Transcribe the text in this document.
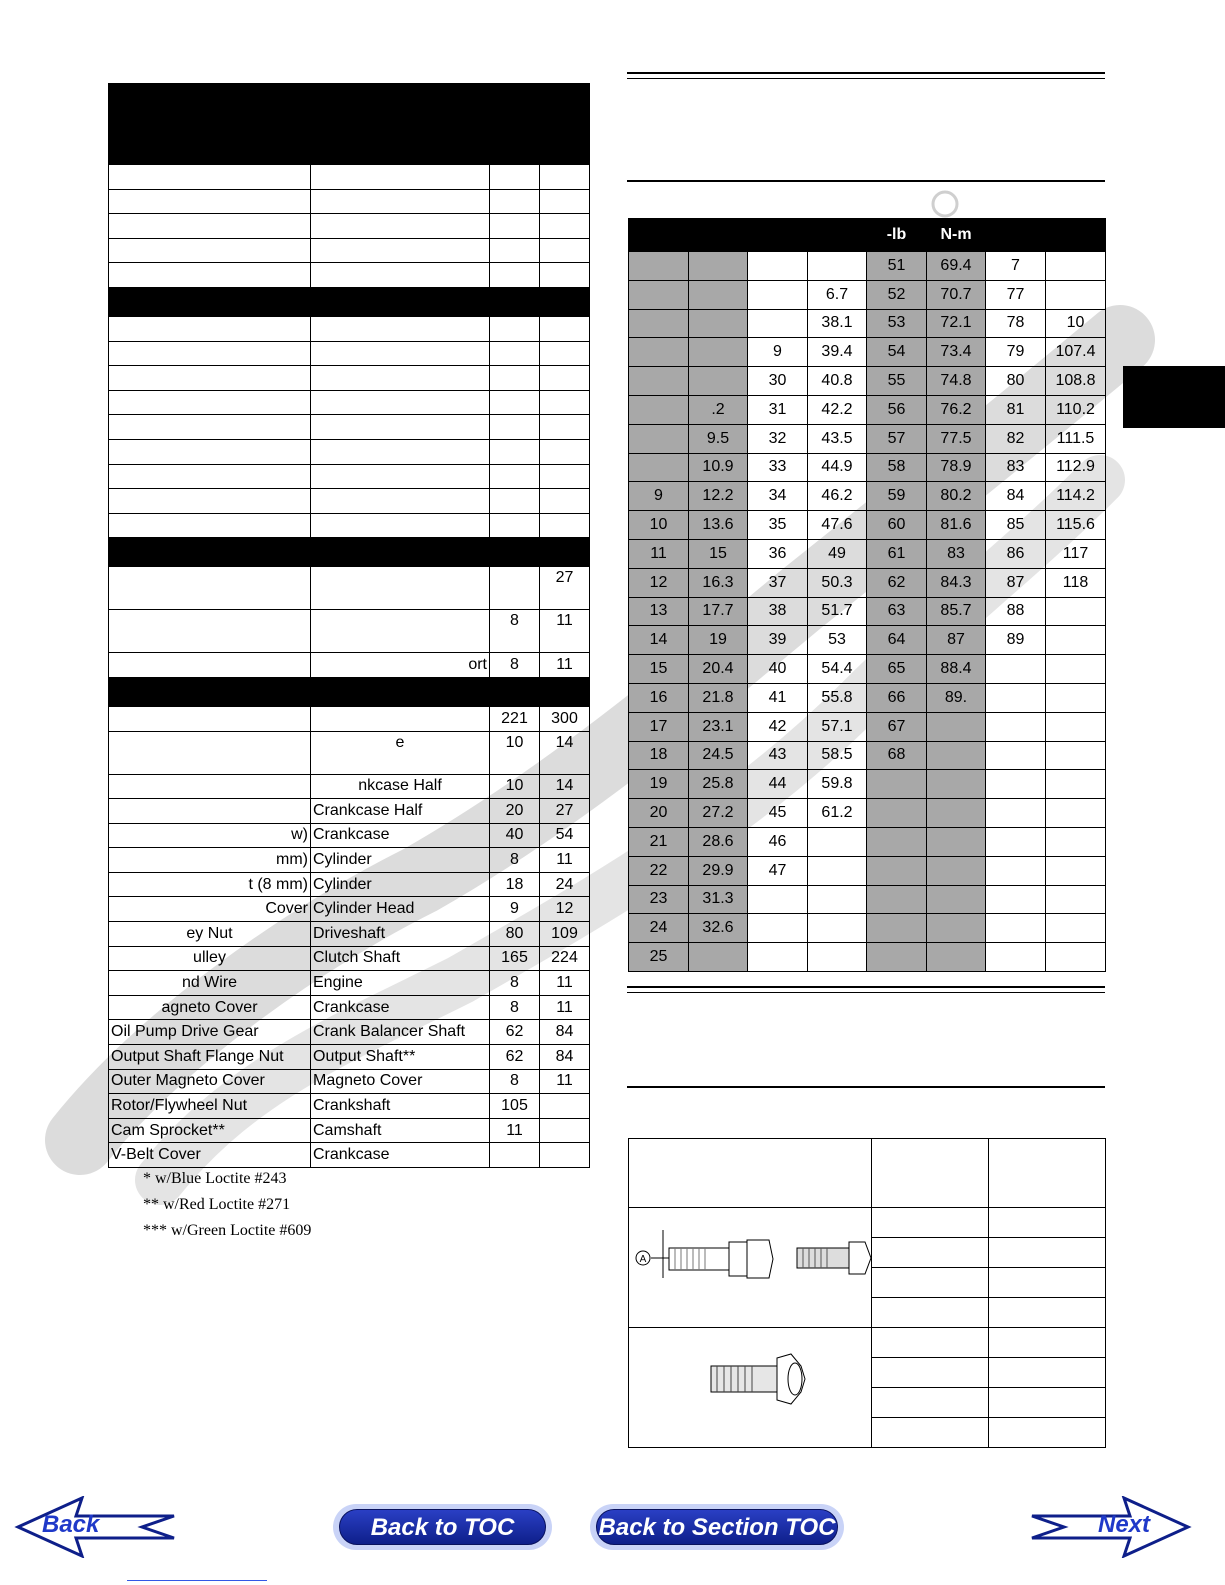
			27
		8	11
	ort	8	11

		221	300
	e	10	14
	nkcase Half	10	14
	Crankcase Half	20	27
w)	Crankcase	40	54
mm)	Cylinder	8	11
t (8 mm)	Cylinder	18	24
Cover	Cylinder Head	9	12
ey Nut	Driveshaft	80	109
ulley	Clutch Shaft	165	224
nd Wire	Engine	8	11
agneto Cover	Crankcase	8	11
Oil Pump Drive Gear	Crank Balancer Shaft	62	84
Output Shaft Flange Nut	Output Shaft**	62	84
Outer Magneto Cover	Magneto Cover	8	11
Rotor/Flywheel Nut	Crankshaft	105	
Cam Sprocket**	Camshaft	11	
V-Belt Cover	Crankcase		
* w/Blue Loctite #243
** w/Red Loctite #271
*** w/Green Loctite #609
				-lb	N-m		
				51	69.4	7	
			6.7	52	70.7	77	
			38.1	53	72.1	78	10
		9	39.4	54	73.4	79	107.4
		30	40.8	55	74.8	80	108.8
	.2	31	42.2	56	76.2	81	110.2
	9.5	32	43.5	57	77.5	82	111.5
	10.9	33	44.9	58	78.9	83	112.9
9	12.2	34	46.2	59	80.2	84	114.2
10	13.6	35	47.6	60	81.6	85	115.6
11	15	36	49	61	83	86	117
12	16.3	37	50.3	62	84.3	87	118
13	17.7	38	51.7	63	85.7	88	
14	19	39	53	64	87	89	
15	20.4	40	54.4	65	88.4		
16	21.8	41	55.8	66	89.		
17	23.1	42	57.1	67			
18	24.5	43	58.5	68			
19	25.8	44	59.8				
20	27.2	45	61.2				
21	28.6	46					
22	29.9	47					
23	31.3						
24	32.6						
25							

A		

Back	Back to TOC	Back to Section TOC	Next
